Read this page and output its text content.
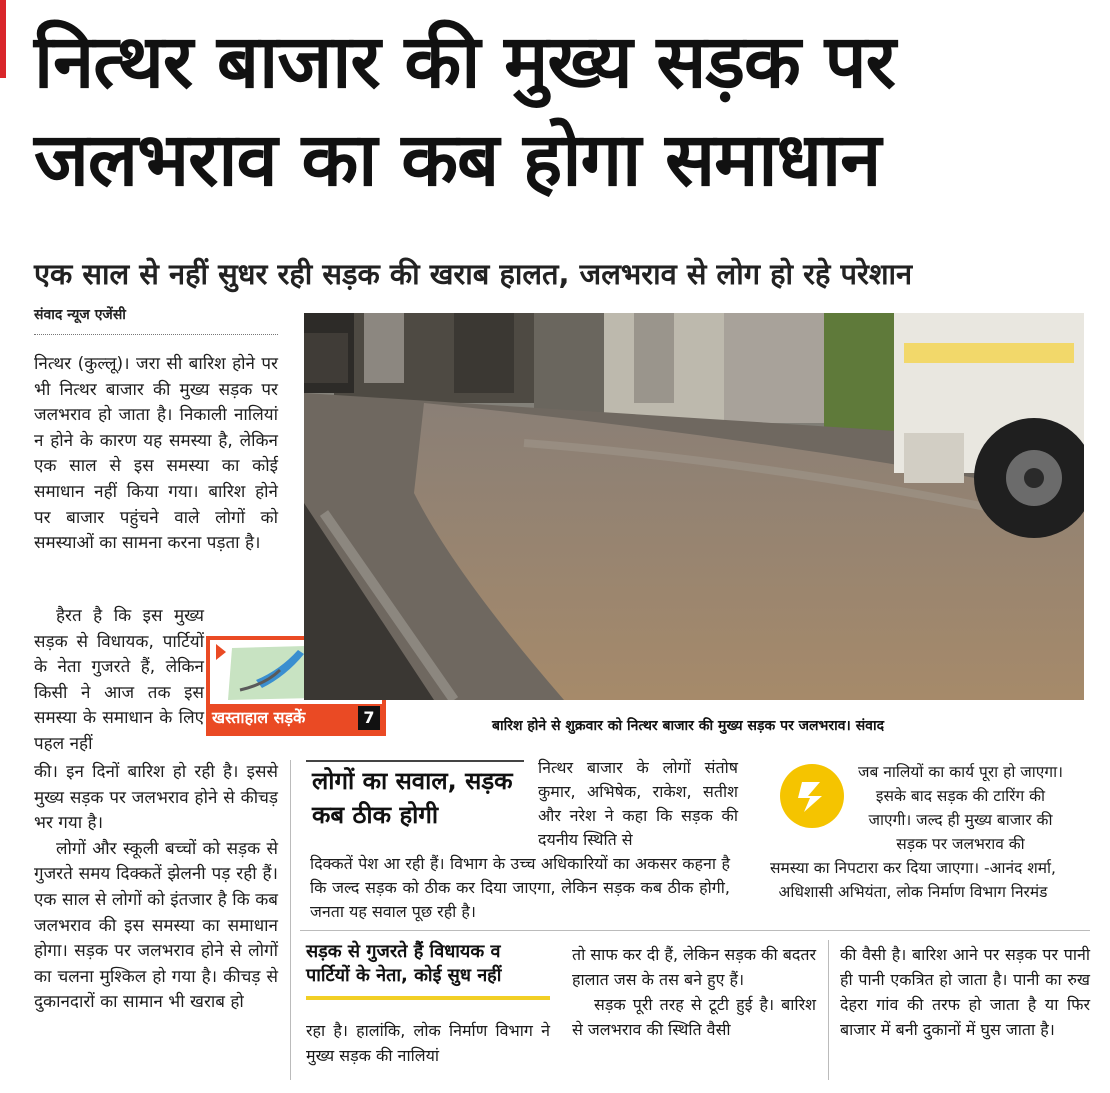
नित्थर बाजार की मुख्य सड़क पर
जलभराव का कब होगा समाधान
एक साल से नहीं सुधर रही सड़क की खराब हालत, जलभराव से लोग हो रहे परेशान
संवाद न्यूज एजेंसी
नित्थर (कुल्लू)। जरा सी बारिश होने पर भी नित्थर बाजार की मुख्य सड़क पर जलभराव हो जाता है। निकाली नालियां न होने के कारण यह समस्या है, लेकिन एक साल से इस समस्या का कोई समाधान नहीं किया गया। बारिश होने पर बाजार पहुंचने वाले लोगों को समस्याओं का सामना करना पड़ता है।
हैरत है कि इस मुख्य सड़क से विधायक, पार्टियों के नेता गुजरते हैं, लेकिन किसी ने आज तक इस समस्या के समाधान के लिए पहल नहीं
खस्ताहाल सड़कें	7
की। इन दिनों बारिश हो रही है। इससे मुख्य सड़क पर जलभराव होने से कीचड़ भर गया है।
लोगों और स्कूली बच्चों को सड़क से गुजरते समय दिक्कतें झेलनी पड़ रही हैं। एक साल से लोगों को इंतजार है कि कब जलभराव की इस समस्या का समाधान होगा। सड़क पर जलभराव होने से लोगों का चलना मुश्किल हो गया है। कीचड़ से दुकानदारों का सामान भी खराब हो
बारिश होने से शुक्रवार को नित्थर बाजार की मुख्य सड़क पर जलभराव। संवाद
लोगों का सवाल, सड़क कब ठीक होगी
नित्थर बाजार के लोगों संतोष कुमार, अभिषेक, राकेश, सतीश और नरेश ने कहा कि सड़क की दयनीय स्थिति से
दिक्कतें पेश आ रही हैं। विभाग के उच्च अधिकारियों का अकसर कहना है कि जल्द सड़क को ठीक कर दिया जाएगा, लेकिन सड़क कब ठीक होगी, जनता यह सवाल पूछ रही है।
जब नालियों का कार्य पूरा हो जाएगा। इसके बाद सड़क की टारिंग की जाएगी। जल्द ही मुख्य बाजार की सड़क पर जलभराव की
समस्या का निपटारा कर दिया जाएगा। -आनंद शर्मा, अधिशासी अभियंता, लोक निर्माण विभाग निरमंड
सड़क से गुजरते हैं विधायक व पार्टियों के नेता, कोई सुध नहीं
रहा है। हालांकि, लोक निर्माण विभाग ने मुख्य सड़क की नालियां
तो साफ कर दी हैं, लेकिन सड़क की बदतर हालात जस के तस बने हुए हैं।
सड़क पूरी तरह से टूटी हुई है। बारिश से जलभराव की स्थिति वैसी
की वैसी है। बारिश आने पर सड़क पर पानी ही पानी एकत्रित हो जाता है। पानी का रुख देहरा गांव की तरफ हो जाता है या फिर बाजार में बनी दुकानों में घुस जाता है।
